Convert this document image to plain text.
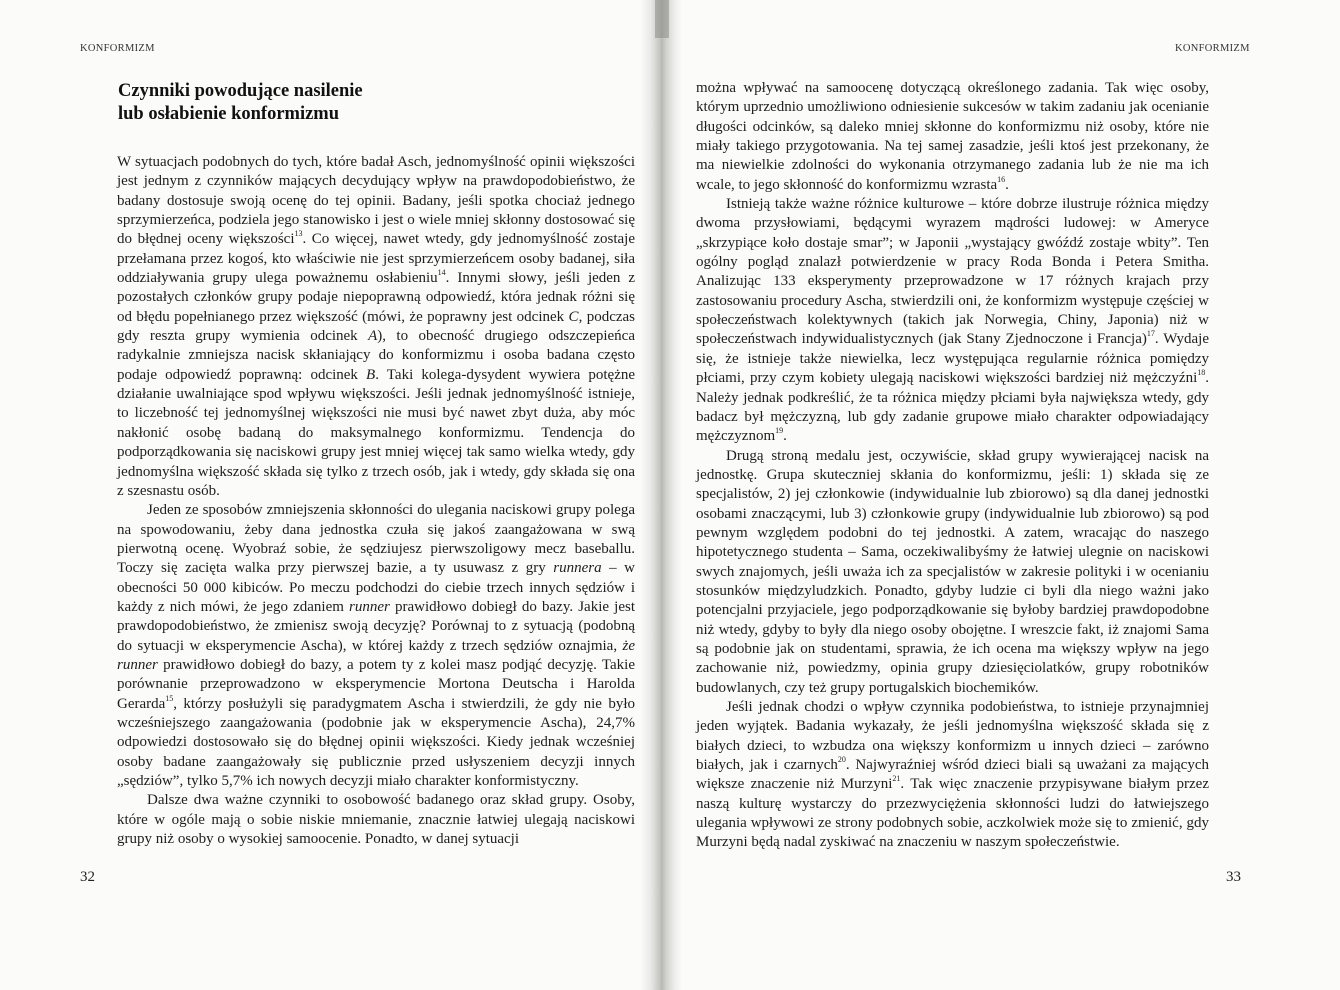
KONFORMIZM
Czynniki powodujące nasilenie
lub osłabienie konformizmu

W sytuacjach podobnych do tych, które badał Asch, jednomyślność opinii większości jest jednym z czynników mających decydujący wpływ na prawdopodobieństwo, że badany dostosuje swoją ocenę do tej opinii. Badany, jeśli spotka chociaż jednego sprzymierzeńca, podziela jego stanowisko i jest o wiele mniej skłonny dostosować się do błędnej oceny większości$^{13}$. Co więcej, nawet wtedy, gdy jednomyślność zostaje przełamana przez kogoś, kto właściwie nie jest sprzymierzeńcem osoby badanej, siła oddziaływania grupy ulega poważnemu osłabieniu$^{14}$. Innymi słowy, jeśli jeden z pozostałych członków grupy podaje niepoprawną odpowiedź, która jednak różni się od błędu popełnianego przez większość (mówi, że poprawny jest odcinek C, podczas gdy reszta grupy wymienia odcinek A), to obecność drugiego odszczepieńca radykalnie zmniejsza nacisk skłaniający do konformizmu i osoba badana często podaje odpowiedź poprawną: odcinek B. Taki kolega-dysydent wywiera potężne działanie uwalniające spod wpływu większości. Jeśli jednak jednomyślność istnieje, to liczebność tej jednomyślnej większości nie musi być nawet zbyt duża, aby móc nakłonić osobę badaną do maksymalnego konformizmu. Tendencja do podporządkowania się naciskowi grupy jest mniej więcej tak samo wielka wtedy, gdy jednomyślna większość składa się tylko z trzech osób, jak i wtedy, gdy składa się ona z szesnastu osób.

Jeden ze sposobów zmniejszenia skłonności do ulegania naciskowi grupy polega na spowodowaniu, żeby dana jednostka czuła się jakoś zaangażowana w swą pierwotną ocenę. Wyobraź sobie, że sędziujesz pierwszoligowy mecz baseballu. Toczy się zacięta walka przy pierwszej bazie, a ty usuwasz z gry runnera – w obecności 50 000 kibiców. Po meczu podchodzi do ciebie trzech innych sędziów i każdy z nich mówi, że jego zdaniem runner prawidłowo dobiegł do bazy. Jakie jest prawdopodobieństwo, że zmienisz swoją decyzję? Porównaj to z sytuacją (podobną do sytuacji w eksperymencie Ascha), w której każdy z trzech sędziów oznajmia, że runner prawidłowo dobiegł do bazy, a potem ty z kolei masz podjąć decyzję. Takie porównanie przeprowadzono w eksperymencie Mortona Deutscha i Harolda Gerarda$^{15}$, którzy posłużyli się paradygmatem Ascha i stwierdzili, że gdy nie było wcześniejszego zaangażowania (podobnie jak w eksperymencie Ascha), 24,7% odpowiedzi dostosowało się do błędnej opinii większości. Kiedy jednak wcześniej osoby badane zaangażowały się publicznie przed usłyszeniem decyzji innych „sędziów”, tylko 5,7% ich nowych decyzji miało charakter konformistyczny.

Dalsze dwa ważne czynniki to osobowość badanego oraz skład grupy. Osoby, które w ogóle mają o sobie niskie mniemanie, znacznie łatwiej ulegają naciskowi grupy niż osoby o wysokiej samoocenie. Ponadto, w danej sytuacji

32
KONFORMIZM

można wpływać na samoocenę dotyczącą określonego zadania. Tak więc osoby, którym uprzednio umożliwiono odniesienie sukcesów w takim zadaniu jak ocenianie długości odcinków, są daleko mniej skłonne do konformizmu niż osoby, które nie miały takiego przygotowania. Na tej samej zasadzie, jeśli ktoś jest przekonany, że ma niewielkie zdolności do wykonania otrzymanego zadania lub że nie ma ich wcale, to jego skłonność do konformizmu wzrasta$^{16}$.

Istnieją także ważne różnice kulturowe – które dobrze ilustruje różnica między dwoma przysłowiami, będącymi wyrazem mądrości ludowej: w Ameryce „skrzypiące koło dostaje smar”; w Japonii „wystający gwóźdź zostaje wbity”. Ten ogólny pogląd znalazł potwierdzenie w pracy Roda Bonda i Petera Smitha. Analizując 133 eksperymenty przeprowadzone w 17 różnych krajach przy zastosowaniu procedury Ascha, stwierdzili oni, że konformizm występuje częściej w społeczeństwach kolektywnych (takich jak Norwegia, Chiny, Japonia) niż w społeczeństwach indywidualistycznych (jak Stany Zjednoczone i Francja)$^{17}$. Wydaje się, że istnieje także niewielka, lecz występująca regularnie różnica pomiędzy płciami, przy czym kobiety ulegają naciskowi większości bardziej niż mężczyźni$^{18}$. Należy jednak podkreślić, że ta różnica między płciami była największa wtedy, gdy badacz był mężczyzną, lub gdy zadanie grupowe miało charakter odpowiadający mężczyznom$^{19}$.

Drugą stroną medalu jest, oczywiście, skład grupy wywierającej nacisk na jednostkę. Grupa skuteczniej skłania do konformizmu, jeśli: 1) składa się ze specjalistów, 2) jej członkowie (indywidualnie lub zbiorowo) są dla danej jednostki osobami znaczącymi, lub 3) członkowie grupy (indywidualnie lub zbiorowo) są pod pewnym względem podobni do tej jednostki. A zatem, wracając do naszego hipotetycznego studenta – Sama, oczekiwalibyśmy że łatwiej ulegnie on naciskowi swych znajomych, jeśli uważa ich za specjalistów w zakresie polityki i w ocenianiu stosunków międzyludzkich. Ponadto, gdyby ludzie ci byli dla niego ważni jako potencjalni przyjaciele, jego podporządkowanie się byłoby bardziej prawdopodobne niż wtedy, gdyby to były dla niego osoby obojętne. I wreszcie fakt, iż znajomi Sama są podobnie jak on studentami, sprawia, że ich ocena ma większy wpływ na jego zachowanie niż, powiedzmy, opinia grupy dziesięciolatków, grupy robotników budowlanych, czy też grupy portugalskich biochemików.

Jeśli jednak chodzi o wpływ czynnika podobieństwa, to istnieje przynajmniej jeden wyjątek. Badania wykazały, że jeśli jednomyślna większość składa się z białych dzieci, to wzbudza ona większy konformizm u innych dzieci – zarówno białych, jak i czarnych$^{20}$. Najwyraźniej wśród dzieci biali są uważani za mających większe znaczenie niż Murzyni$^{21}$. Tak więc znaczenie przypisywane białym przez naszą kulturę wystarczy do przezwyciężenia skłonności ludzi do łatwiejszego ulegania wpływowi ze strony podobnych sobie, aczkolwiek może się to zmienić, gdy Murzyni będą nadal zyskiwać na znaczeniu w naszym społeczeństwie.

33
